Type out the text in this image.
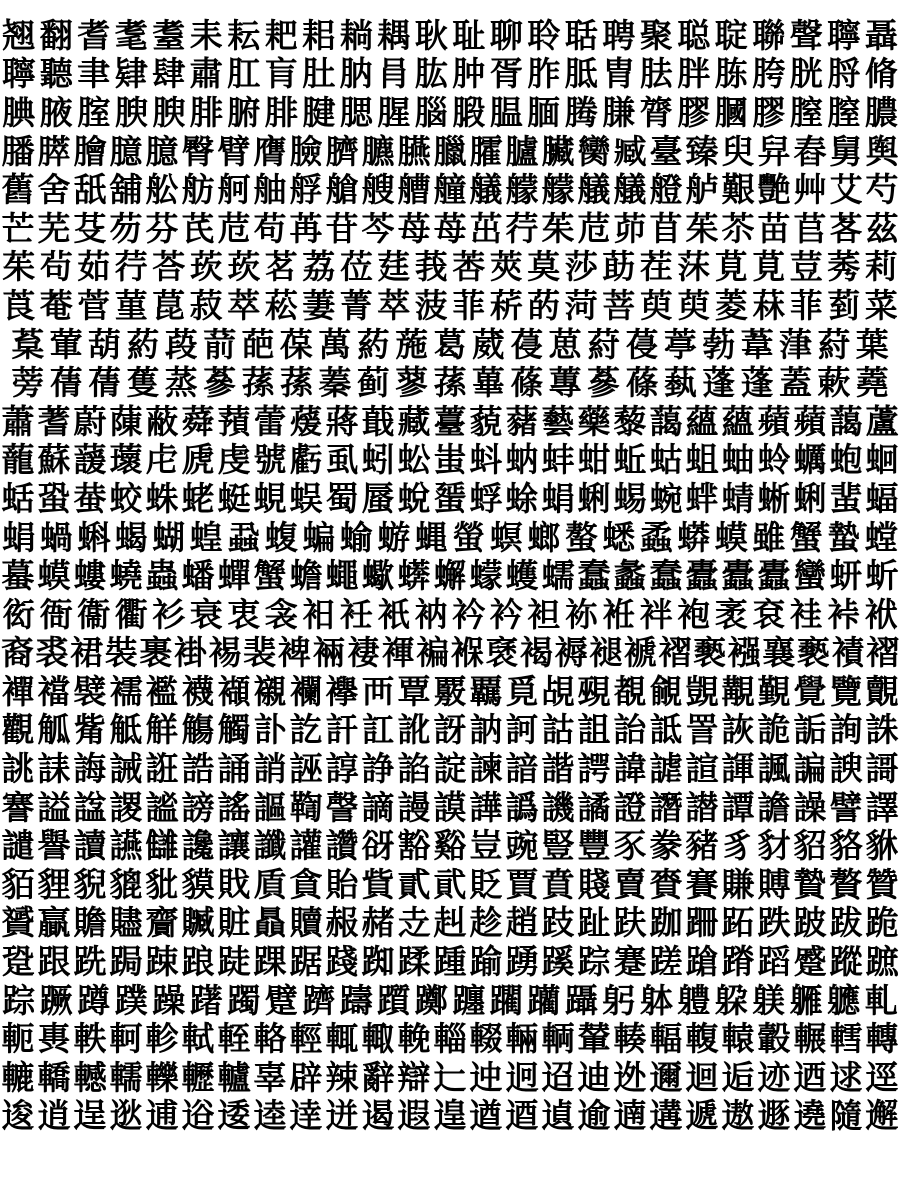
翘 翻 耆 耄 耋 耒 耘 耙 耜 耥 耦 耿 耻 聊 聆 聒 聘 聚 聪 聢 聯 聲 聹 聶
聹 聽 聿 肄 肆 肅 肛 肓 肚 肭 肙 肱 肿 胥 胙 胝 胄 胠 胖 胨 胯 胱 脟 脩
腆 腋 腟 腴 腴 腓 腑 腓 腱 腮 腥 腦 腶 腽 腼 腾 膁 膂 膠 膕 膠 膣 膣 膿
膰 膵 膾 臆 臆 臀 臂 膺 臉 臍 臕 臙 臘 臛 臚 臟 臠 臧 臺 臻 臾 舁 舂 舅 舆
舊 舍 舐 舖 舩 舫 舸 舳 艀 艙 艘 艚 艟 艤 艨 艨 艤 艤 艠 舻 艱 艷 艸 艾 芍
芒 芜 芟 芴 芬 芪 苊 苟 苒 苷 芩 苺 苺 茁 荇 茱 苊 茆 苜 茱 苶 苗 苢 茖 茲
茱 茍 茹 荇 荅 莰 莰 茗 荔 莅 莛 莪 莕 莢 莫 莎 莇 茬 莯 莧 莧 荳 莠 莉
莨 菴 菅 菫 菎 菽 萃 菘 萋 菁 萃 菠 菲 菥 菂 菏 菩 萸 萸 菱 菻 菲 菿 菜
葈 葷 葫 葯 葮 葥 葩 葆 萬 葯 葹 葛 葳 葠 葸 葤 葠 葶 葧 葦 葏 葤 葉
蒡 蒨 蒨 蒦 蒸 蔘 蓀 蓀 蓁 蓟 蓼 蓀 蓽 蓧 蓴 蔘 蓧 蓺 蓬 蓬 蓋 蔌 蕘
蕭 蓍 蔚 蔯 蔽 蕣 蕷 蕾 蕿 蔣 蕺 藏 薹 藐 藸 藝 藥 藜 藹 蘊 蘊 蘋 蘋 藹 蘆
蘢 蘇 蘐 蘾 虍 虒 虔 號 虧 虱 蚓 蚣 蚩 蚪 蚋 蚌 蚶 蚯 蛄 蛆 蚰 蛉 蠣 蚫 蛔
蛞 蛩 蛬 蛟 蛛 蛯 蜓 蜆 蜈 蜀 蜃 蛻 蜑 蜉 蜍 蜎 蜊 蜴 蜿 蝆 蜻 蜥 蜊 蜚 蝠
蜎 蝸 蝌 蝎 蝴 蝗 蝨 蝮 蝙 蝓 蝣 蝿 螢 螟 螂 螯 蟋 蟊 蟒 蟆 雖 蟹 蟄 螳
蟇 蟆 螻 蟯 蟲 蟠 蟬 蟹 蟾 蠅 蠍 蠎 蠏 蠓 蠖 蠕 蠢 蠡 蠢 蠹 蠹 蠹 蠻 蚈 蚚
衒 衙 衞 衢 衫 衰 衷 衾 衵 衽 衹 衲 衿 衿 袒 袮 袵 袢 袍 袤 袞 袿 裃 袱
裔 裘 裙 裝 裹 褂 裼 裴 裨 裲 褄 褌 褊 褓 褎 褐 褥 褪 褫 褶 褻 襁 襄 褻 襀 褶
襌 襠 襞 襦 襤 襪 襭 襯 襴 襷 襾 覃 覈 覊 覓 覘 覡 覩 覦 覬 覯 覲 覺 覽 覿
觀 觚 觜 觝 觧 觴 觸 訃 訖 訐 訌 訛 訝 訥 訶 詁 詛 詒 詆 詈 詼 詭 詬 詢 誅
誂 誄 誨 誡 誑 誥 誦 誚 誣 諄 諍 諂 諚 諫 諳 諧 諤 諱 謔 諠 諢 諷 諞 諛 謌
謇 謚 諡 謖 謐 謗 謠 謳 鞫 謦 謫 謾 謨 譁 譌 譏 譎 證 譖 譛 譚 譫 譟 譬 譯
譴 譽 讀 讌 讎 讒 讓 讖 讙 讚 谺 豁 谿 豈 豌 豎 豐 豕 豢 豬 豸 豺 貂 貉 貅
貊 貍 貎 貔 豼 貘 戝 貭 貪 貽 貲 貳 貮 貶 賈 賁 賤 賣 賚 賽 賺 賻 贄 贅 贊
贇 贏 贍 贐 齎 贓 賍 贔 贖 赧 赭 赱 赳 趁 趙 跂 趾 趺 跏 跚 跖 跌 跛 跋 跪
跫 跟 跣 跼 踈 踉 跿 踝 踞 踐 踟 蹂 踵 踰 踴 蹊 踪 蹇 蹉 蹌 蹐 蹈 蹙 蹤 蹠
踪 蹶 蹲 蹼 躁 躇 躅 躄 躋 躊 躓 躑 躔 躙 躪 躡 躬 躰 軆 躱 躾 軅 軈 軋
軛 軣 軼 軻 軫 軾 輊 輅 輕 輒 輙 輓 輜 輟 輛 輌 輦 輳 輻 輹 轅 轂 輾 轌 轉
轆 轎 轗 轜 轢 轣 轤 辜 辟 辣 辭 辯 辷 迚 迥 迢 迪 迯 邇 迴 逅 迹 迺 逑 逕
逡 逍 逞 逖 逋 逧 逶 逵 逹 迸 遏 遐 遑 遒 逎 遉 逾 遖 遘 遞 遨 遯 遶 隨 邂
